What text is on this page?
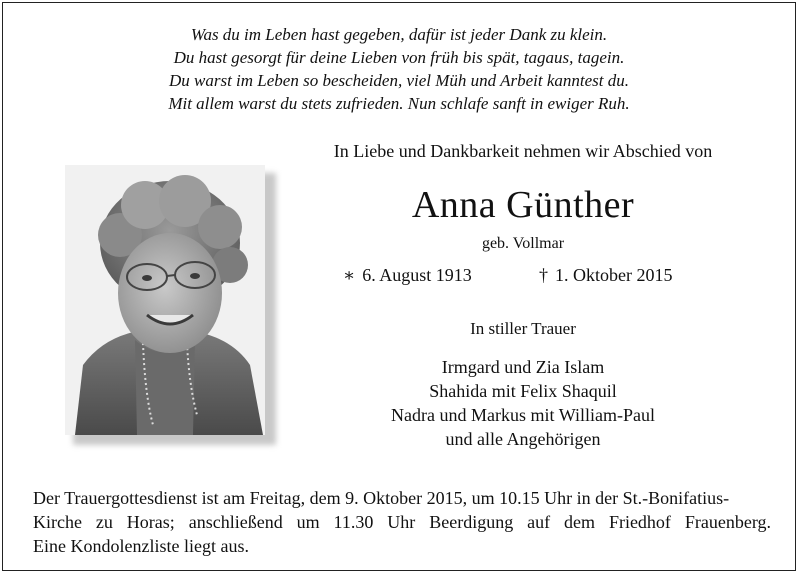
Was du im Leben hast gegeben, dafür ist jeder Dank zu klein.
Du hast gesorgt für deine Lieben von früh bis spät, tagaus, tagein.
Du warst im Leben so bescheiden, viel Müh und Arbeit kanntest du.
Mit allem warst du stets zufrieden. Nun schlafe sanft in ewiger Ruh.
In Liebe und Dankbarkeit nehmen wir Abschied von
Anna Günther
geb. Vollmar
∗ 6. August 1913	† 1. Oktober 2015
In stiller Trauer
Irmgard und Zia Islam
Shahida mit Felix Shaquil
Nadra und Markus mit William-Paul
und alle Angehörigen
Der Trauergottesdienst ist am Freitag, dem 9. Oktober 2015, um 10.15 Uhr in der St.-Bonifatius-
Kirche zu Horas; anschließend um 11.30 Uhr Beerdigung auf dem Friedhof Frauenberg.
Eine Kondolenzliste liegt aus.
